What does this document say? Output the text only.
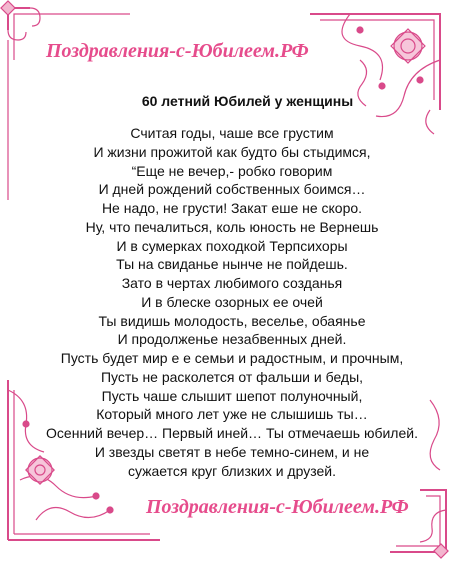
Поздравления-с-Юбилеем.РФ
60 летний Юбилей у женщины
Считая годы, чаше все грустим
И жизни прожитой как будто бы стыдимся,
“Еще не вечер,- робко говорим
И дней рождений собственных боимся…
Не надо, не грусти! Закат еше не скоро.
Ну, что печалиться, коль юность не Вернешь
И в сумерках походкой Терпсихоры
Ты на свиданье нынче не пойдешь.
Зато в чертах любимого созданья
И в блеске озорных ее очей
Ты видишь молодость, веселье, обаянье
И продолженье незабвенных дней.
Пусть будет мир е е семьи и радостным, и прочным,
Пусть не расколется от фальши и беды,
Пусть чаше слышит шепот полуночный,
Который много лет уже не слышишь ты…
Осенний вечер… Первый иней… Ты отмечаешь юбилей.
И звезды светят в небе темно-синем, и не
сужается круг близких и друзей.
Поздравления-с-Юбилеем.РФ
